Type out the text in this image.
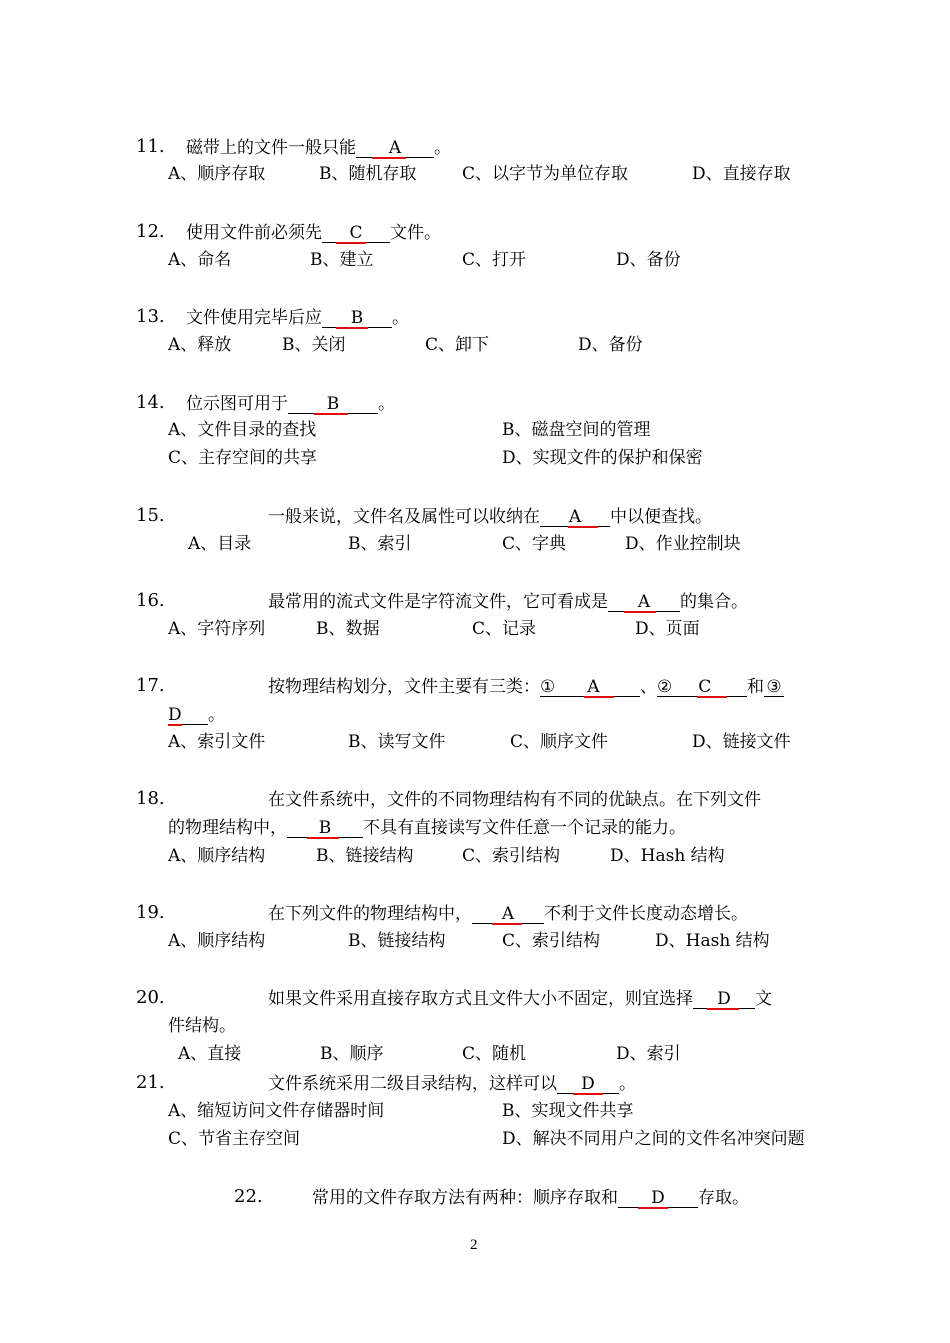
11. 磁带上的文件一般只能 A 。
A、顺序存取	B、随机存取	C、以字节为单位存取	D、直接存取
12. 使用文件前必须先 C 文件。
A、命名	B、建立	C、打开	D、备份
13. 文件使用完毕后应 B 。
A、释放	B、关闭	C、卸下	D、备份
14. 位示图可用于 B 。
A、文件目录的查找	B、磁盘空间的管理
C、主存空间的共享	D、实现文件的保护和保密
15.	一般来说，文件名及属性可以收纳在 A 中以便查找。
A、目录	B、索引	C、字典	D、作业控制块
16.	最常用的流式文件是字符流文件，它可看成是 A 的集合。
A、字符序列	B、数据	C、记录	D、页面
17.	按物理结构划分，文件主要有三类：
① A 、
② C 和 ③
D 。
A、索引文件	B、读写文件	C、顺序文件	D、链接文件
18.	在文件系统中，文件的不同物理结构有不同的优缺点。在下列文件
的物理结构中， B 不具有直接读写文件任意一个记录的能力。
A、顺序结构	B、链接结构	C、索引结构	D、Hash 结构
19.	在下列文件的物理结构中， A 不利于文件长度动态增长。
A、顺序结构	B、链接结构	C、索引结构	D、Hash 结构
20.	如果文件采用直接存取方式且文件大小不固定，则宜选择 D 文
件结构。
A、直接	B、顺序	C、随机	D、索引
21.	文件系统采用二级目录结构，这样可以 D 。
A、缩短访问文件存储器时间	B、实现文件共享
C、节省主存空间	D、解决不同用户之间的文件名冲突问题
22.	常用的文件存取方法有两种：顺序存取和 D 存取。
2
